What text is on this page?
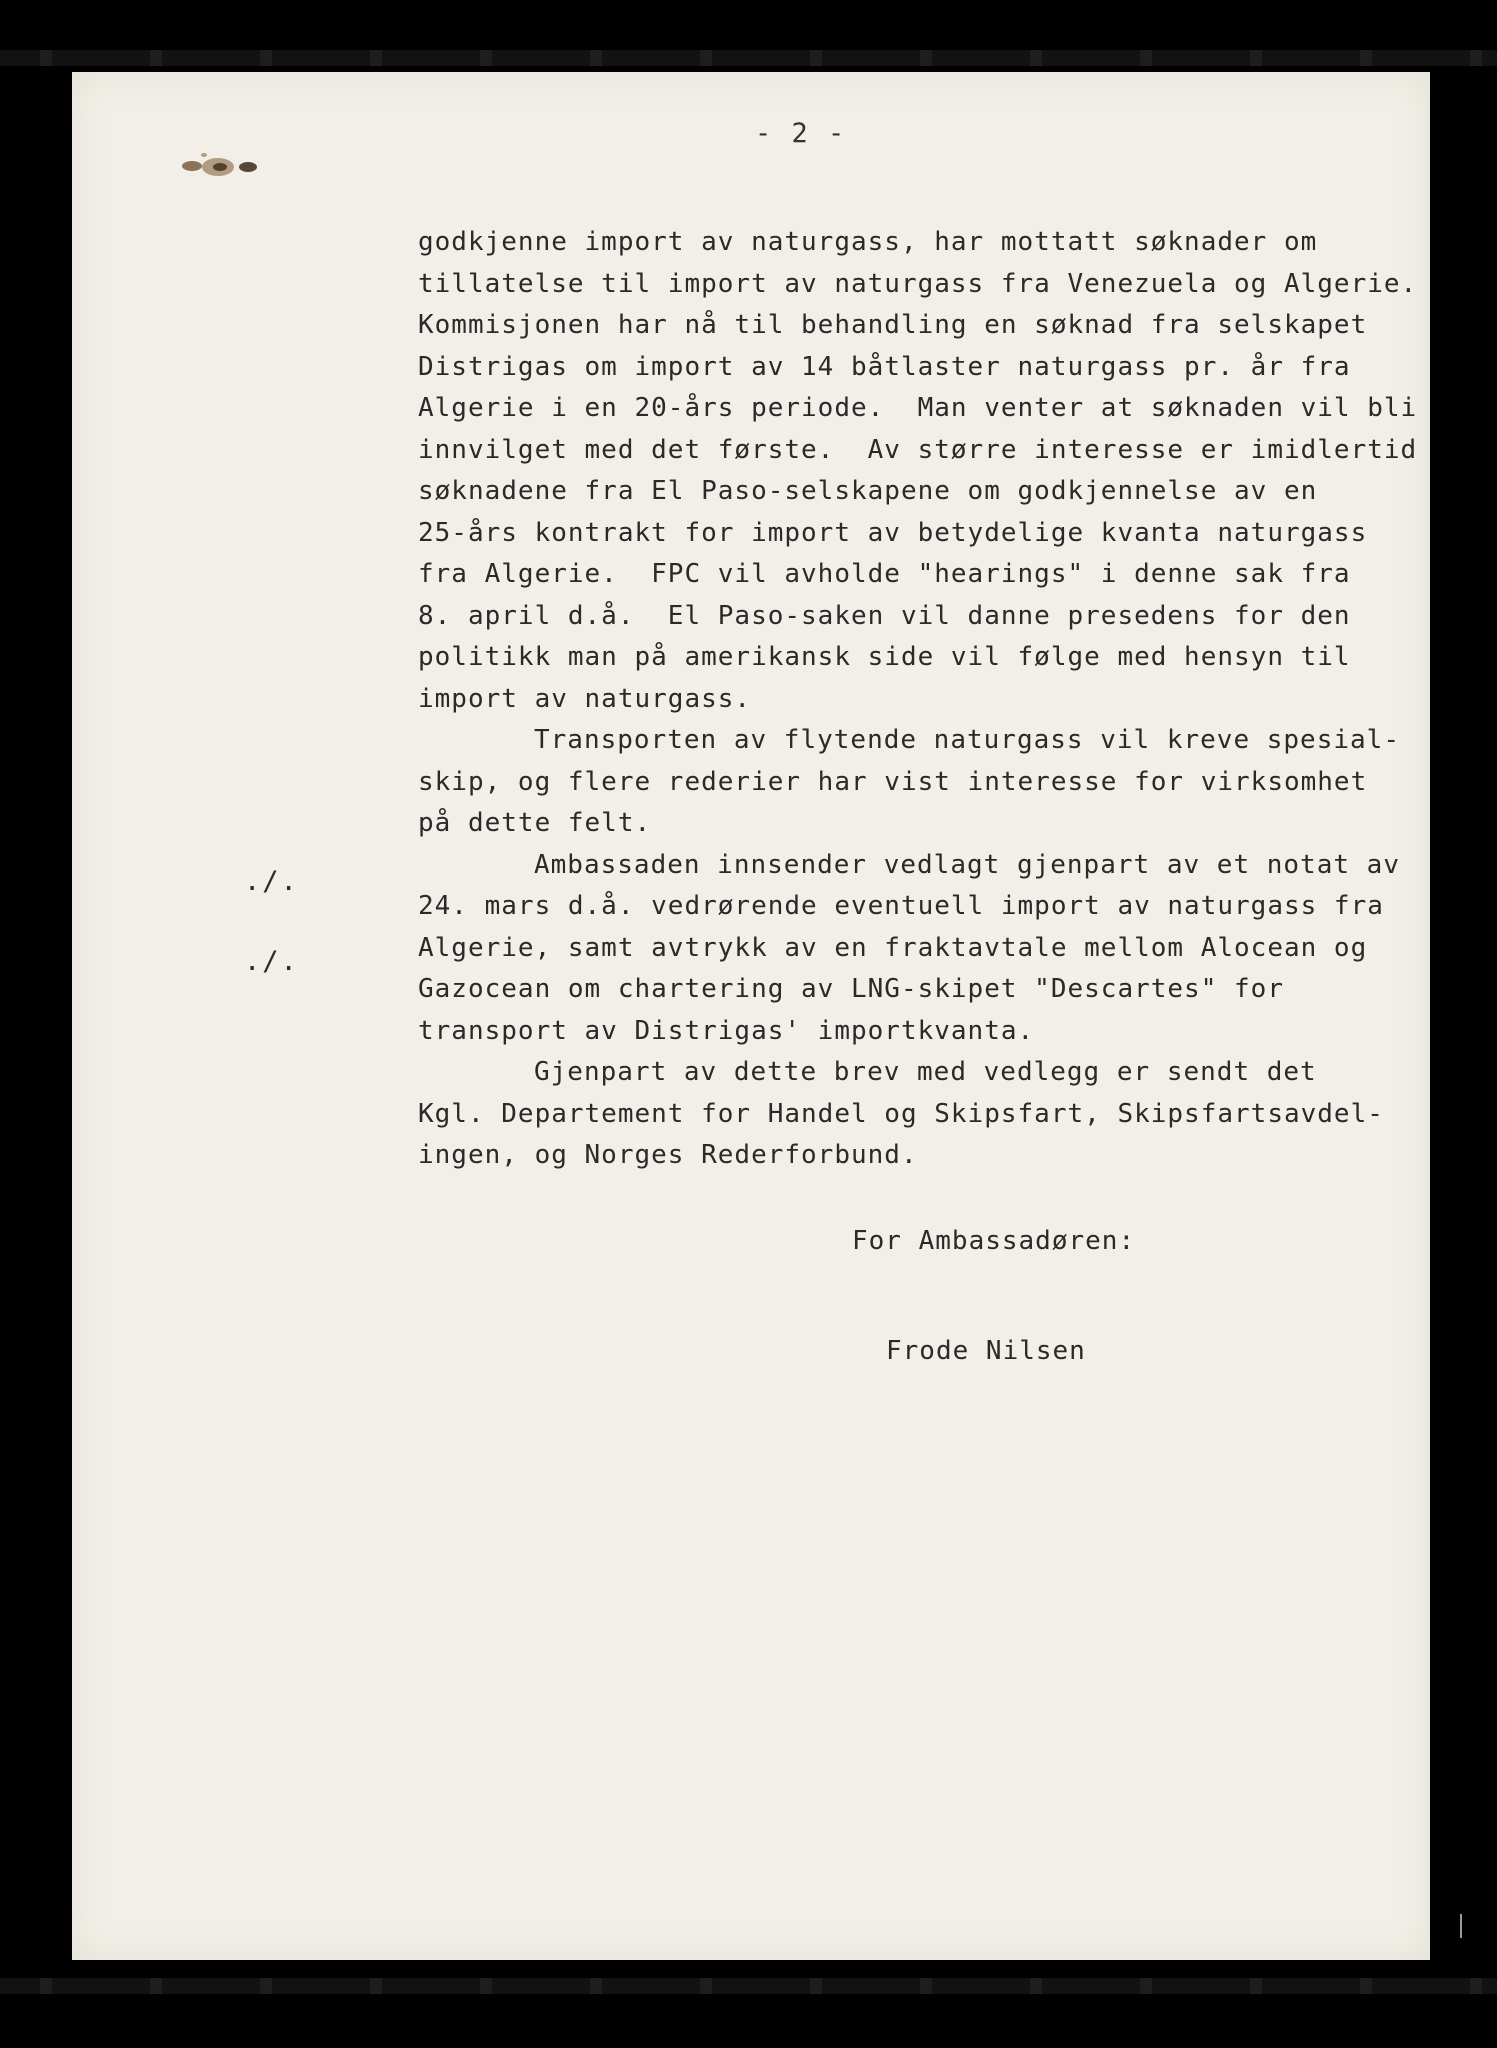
- 2 -
godkjenne import av naturgass, har mottatt søknader om
tillatelse til import av naturgass fra Venezuela og Algerie.
Kommisjonen har nå til behandling en søknad fra selskapet
Distrigas om import av 14 båtlaster naturgass pr. år fra
Algerie i en 20-års periode.  Man venter at søknaden vil bli
innvilget med det første.  Av større interesse er imidlertid
søknadene fra El Paso-selskapene om godkjennelse av en
25-års kontrakt for import av betydelige kvanta naturgass
fra Algerie.  FPC vil avholde "hearings" i denne sak fra
8. april d.å.  El Paso-saken vil danne presedens for den
politikk man på amerikansk side vil følge med hensyn til
import av naturgass.
Transporten av flytende naturgass vil kreve spesial-
skip, og flere rederier har vist interesse for virksomhet
på dette felt.
Ambassaden innsender vedlagt gjenpart av et notat av
24. mars d.å. vedrørende eventuell import av naturgass fra
Algerie, samt avtrykk av en fraktavtale mellom Alocean og
Gazocean om chartering av LNG-skipet "Descartes" for
transport av Distrigas' importkvanta.
Gjenpart av dette brev med vedlegg er sendt det
Kgl. Departement for Handel og Skipsfart, Skipsfartsavdel-
ingen, og Norges Rederforbund.
./.
./.
For Ambassadøren:
Frode Nilsen
